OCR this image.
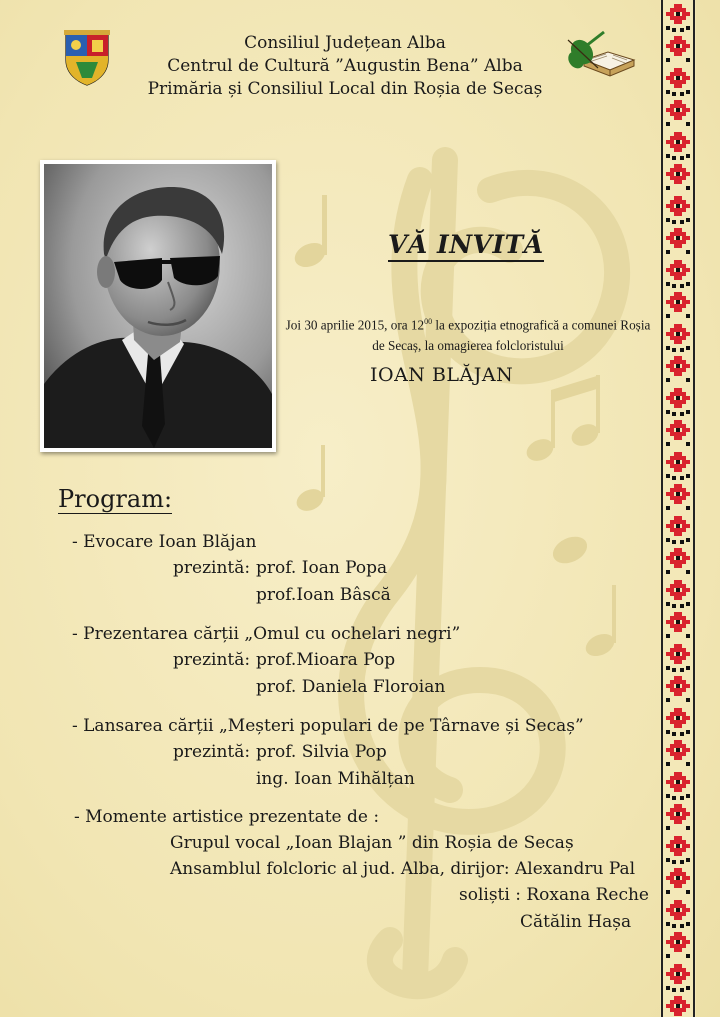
Consiliul Județean Alba
Centrul de Cultură ”Augustin Bena” Alba
Primăria și Consiliul Local din Roșia de Secaș
VĂ INVITĂ
Joi 30 aprilie 2015, ora $12^{00}$ la expoziția etnografică a comunei Roșia de Secaș, la omagierea folcloristului
IOAN BLĂJAN
Program:
- Evocare Ioan Blăjan
prezintă: prof. Ioan Popa
prof.Ioan Bâscă
- Prezentarea cărții „Omul cu ochelari negri”
prezintă: prof.Mioara Pop
prof. Daniela Floroian
- Lansarea cărții „Meșteri populari de pe Târnave și Secaș”
prezintă: prof. Silvia Pop
ing. Ioan Mihălțan
- Momente artistice prezentate de :
Grupul vocal „Ioan Blajan ” din Roșia de Secaș
Ansamblul folcloric al jud. Alba, dirijor: Alexandru Pal
soliști : Roxana Reche
Cătălin Hașa
